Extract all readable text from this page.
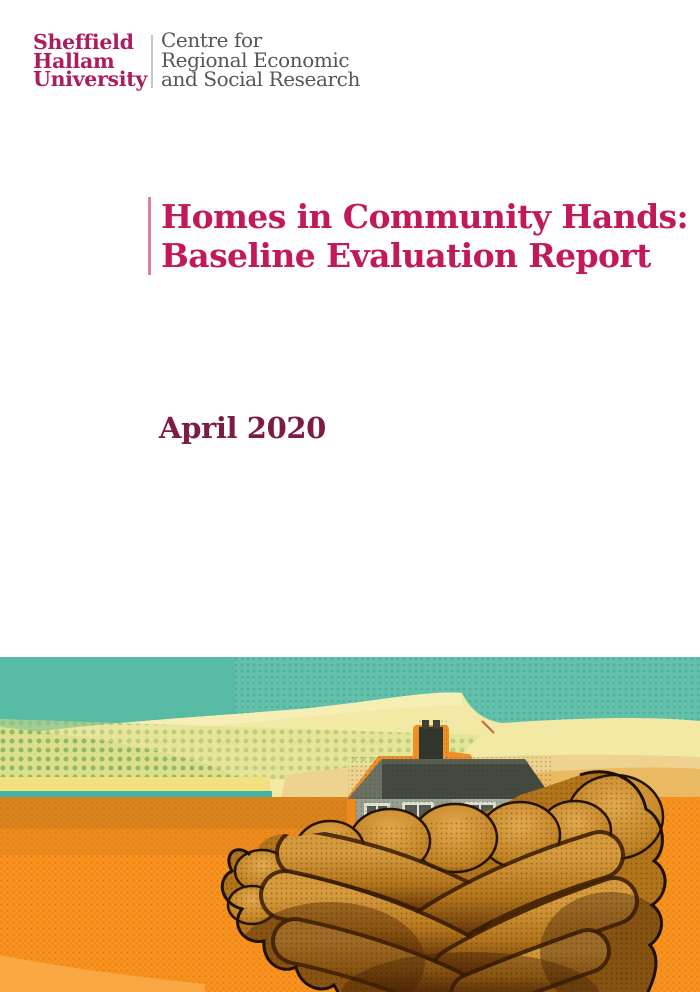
Sheffield
Hallam
University
Centre for
Regional Economic
and Social Research
Homes in Community Hands:
Baseline Evaluation Report
April 2020
